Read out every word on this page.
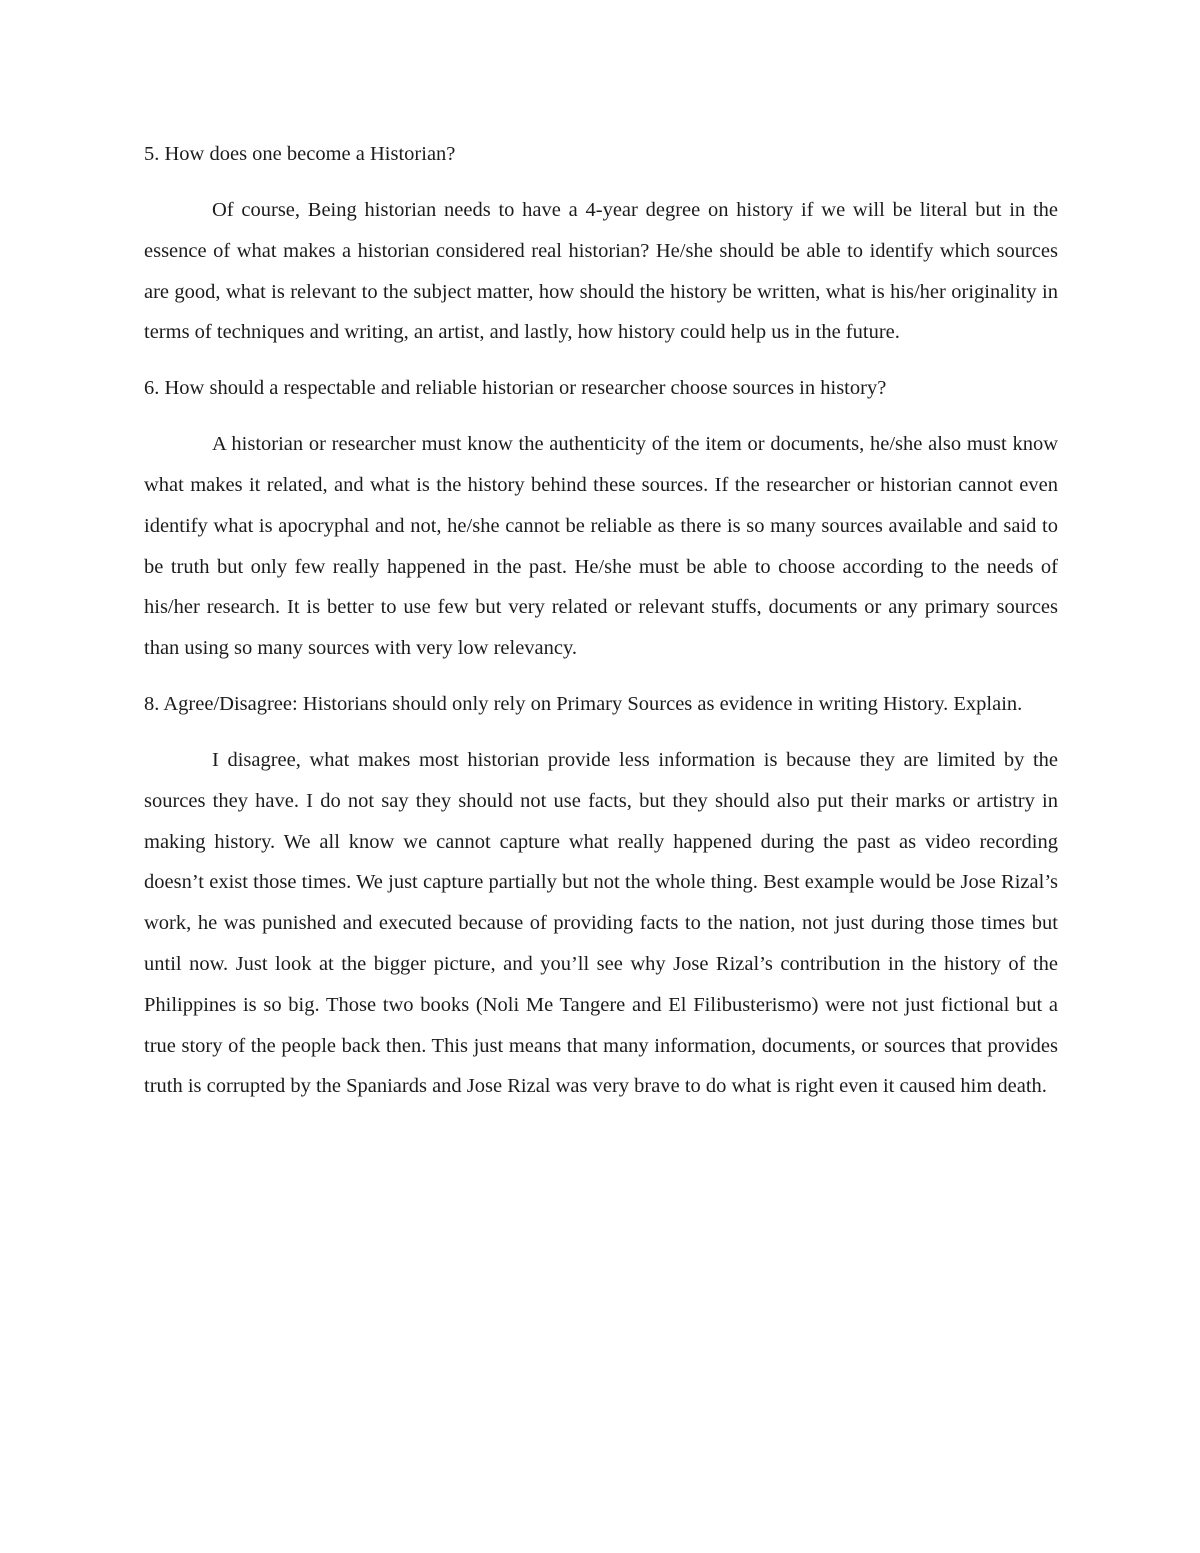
5. How does one become a Historian?

Of course, Being historian needs to have a 4-year degree on history if we will be literal but in the essence of what makes a historian considered real historian? He/she should be able to identify which sources are good, what is relevant to the subject matter, how should the history be written, what is his/her originality in terms of techniques and writing, an artist, and lastly, how history could help us in the future.

6. How should a respectable and reliable historian or researcher choose sources in history?

A historian or researcher must know the authenticity of the item or documents, he/she also must know what makes it related, and what is the history behind these sources. If the researcher or historian cannot even identify what is apocryphal and not, he/she cannot be reliable as there is so many sources available and said to be truth but only few really happened in the past. He/she must be able to choose according to the needs of his/her research. It is better to use few but very related or relevant stuffs, documents or any primary sources than using so many sources with very low relevancy.

8. Agree/Disagree: Historians should only rely on Primary Sources as evidence in writing History. Explain.

I disagree, what makes most historian provide less information is because they are limited by the sources they have. I do not say they should not use facts, but they should also put their marks or artistry in making history. We all know we cannot capture what really happened during the past as video recording doesn’t exist those times. We just capture partially but not the whole thing. Best example would be Jose Rizal’s work, he was punished and executed because of providing facts to the nation, not just during those times but until now. Just look at the bigger picture, and you’ll see why Jose Rizal’s contribution in the history of the Philippines is so big. Those two books (Noli Me Tangere and El Filibusterismo) were not just fictional but a true story of the people back then. This just means that many information, documents, or sources that provides truth is corrupted by the Spaniards and Jose Rizal was very brave to do what is right even it caused him death.
